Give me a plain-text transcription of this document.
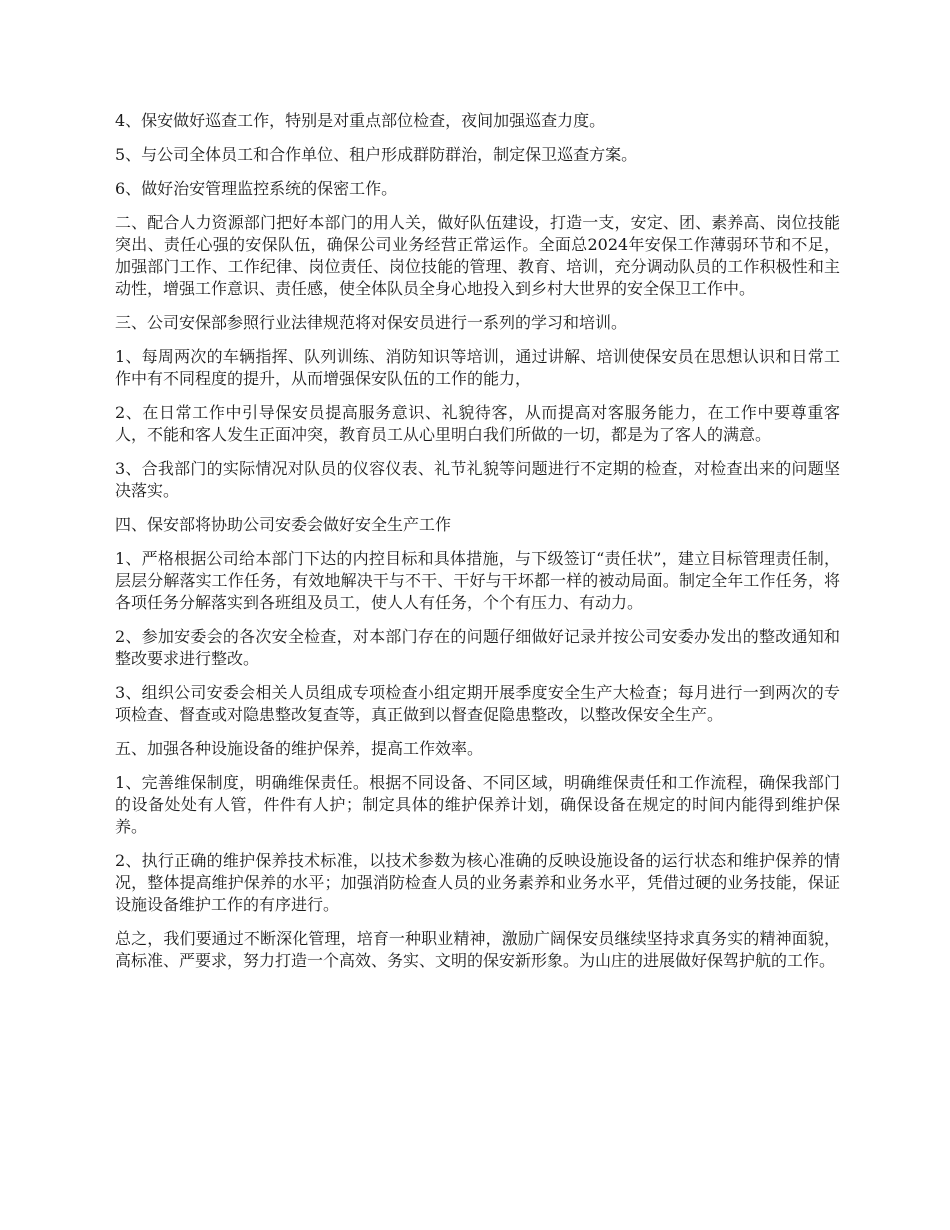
4、保安做好巡查工作，特别是对重点部位检查，夜间加强巡查力度。

5、与公司全体员工和合作单位、租户形成群防群治，制定保卫巡查方案。

6、做好治安管理监控系统的保密工作。

二、配合人力资源部门把好本部门的用人关，做好队伍建设，打造一支，安定、团、素养高、岗位技能突出、责任心强的安保队伍，确保公司业务经营正常运作。全面总2024年安保工作薄弱环节和不足，加强部门工作、工作纪律、岗位责任、岗位技能的管理、教育、培训，充分调动队员的工作积极性和主动性，增强工作意识、责任感，使全体队员全身心地投入到乡村大世界的安全保卫工作中。

三、公司安保部参照行业法律规范将对保安员进行一系列的学习和培训。

1、每周两次的车辆指挥、队列训练、消防知识等培训，通过讲解、培训使保安员在思想认识和日常工作中有不同程度的提升，从而增强保安队伍的工作的能力，

2、在日常工作中引导保安员提高服务意识、礼貌待客，从而提高对客服务能力，在工作中要尊重客人，不能和客人发生正面冲突，教育员工从心里明白我们所做的一切，都是为了客人的满意。

3、合我部门的实际情况对队员的仪容仪表、礼节礼貌等问题进行不定期的检查，对检查出来的问题坚决落实。

四、保安部将协助公司安委会做好安全生产工作

1、严格根据公司给本部门下达的内控目标和具体措施，与下级签订“责任状”，建立目标管理责任制，层层分解落实工作任务，有效地解决干与不干、干好与干坏都一样的被动局面。制定全年工作任务，将各项任务分解落实到各班组及员工，使人人有任务，个个有压力、有动力。

2、参加安委会的各次安全检查，对本部门存在的问题仔细做好记录并按公司安委办发出的整改通知和整改要求进行整改。

3、组织公司安委会相关人员组成专项检查小组定期开展季度安全生产大检查；每月进行一到两次的专项检查、督查或对隐患整改复查等，真正做到以督查促隐患整改，以整改保安全生产。

五、加强各种设施设备的维护保养，提高工作效率。

1、完善维保制度，明确维保责任。根据不同设备、不同区域，明确维保责任和工作流程，确保我部门的设备处处有人管，件件有人护；制定具体的维护保养计划，确保设备在规定的时间内能得到维护保养。

2、执行正确的维护保养技术标准，以技术参数为核心准确的反映设施设备的运行状态和维护保养的情况，整体提高维护保养的水平；加强消防检查人员的业务素养和业务水平，凭借过硬的业务技能，保证设施设备维护工作的有序进行。

总之，我们要通过不断深化管理，培育一种职业精神，激励广阔保安员继续坚持求真务实的精神面貌，高标准、严要求，努力打造一个高效、务实、文明的保安新形象。为山庄的进展做好保驾护航的工作。
